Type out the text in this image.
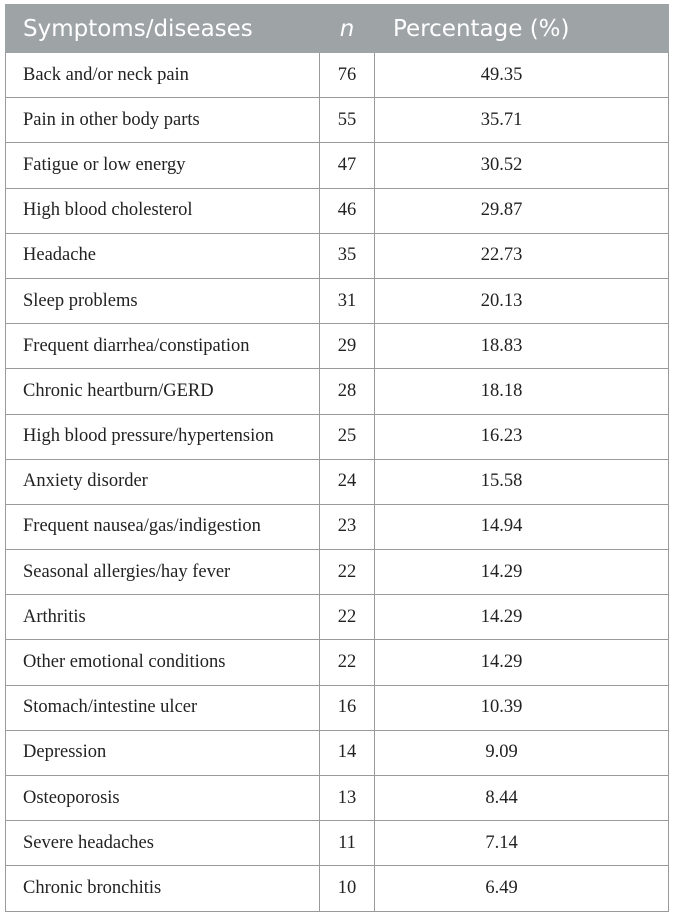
Symptoms/diseases	n	Percentage (%)
Back and/or neck pain	76	49.35
Pain in other body parts	55	35.71
Fatigue or low energy	47	30.52
High blood cholesterol	46	29.87
Headache	35	22.73
Sleep problems	31	20.13
Frequent diarrhea/constipation	29	18.83
Chronic heartburn/GERD	28	18.18
High blood pressure/hypertension	25	16.23
Anxiety disorder	24	15.58
Frequent nausea/gas/indigestion	23	14.94
Seasonal allergies/hay fever	22	14.29
Arthritis	22	14.29
Other emotional conditions	22	14.29
Stomach/intestine ulcer	16	10.39
Depression	14	9.09
Osteoporosis	13	8.44
Severe headaches	11	7.14
Chronic bronchitis	10	6.49
